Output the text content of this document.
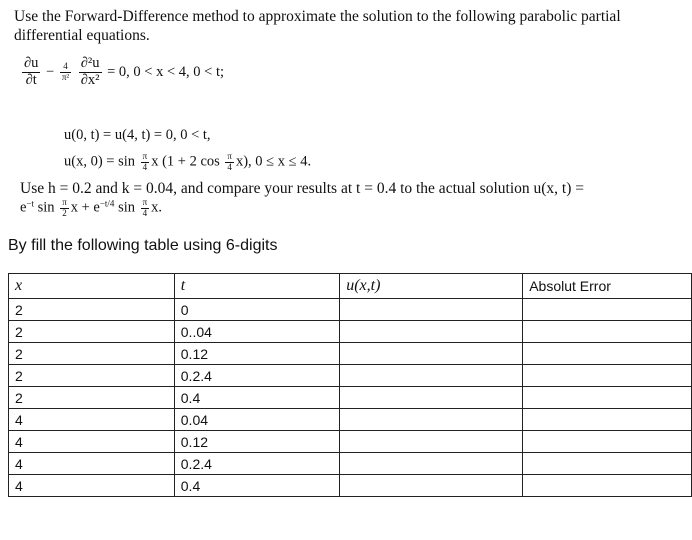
Use the Forward-Difference method to approximate the solution to the following parabolic partial
differential equations.
$\frac{\partial u}{\partial t} - \frac{4}{\text{π²}}$
$\frac{\text{∂²u}}{\text{∂x²}} = 0$, 0 < x < 4, 0 < t;
u(0, t) = u(4, t) = 0, 0 < t,
u(x, $0) = \sin \frac{\pi}{4}$ x (1 + 2 $\cos \frac{\pi}{4} x$), 0 ≤ x ≤ 4.
Use h = 0.2 and k = 0.04, and compare your results at t = 0.4 to the actual solution u(x, t) =
$e^{-t}$ $\sin \frac{\pi}{2}$ $x + e^{-t/4}$ $\sin \frac{\pi}{4} x$.
By fill the following table using 6-digits
x	t	u(x,t)	Absolut Error
2	0		
2	0..04		
2	0.12		
2	0.2.4		
2	0.4		
4	0.04		
4	0.12		
4	0.2.4		
4	0.4		
